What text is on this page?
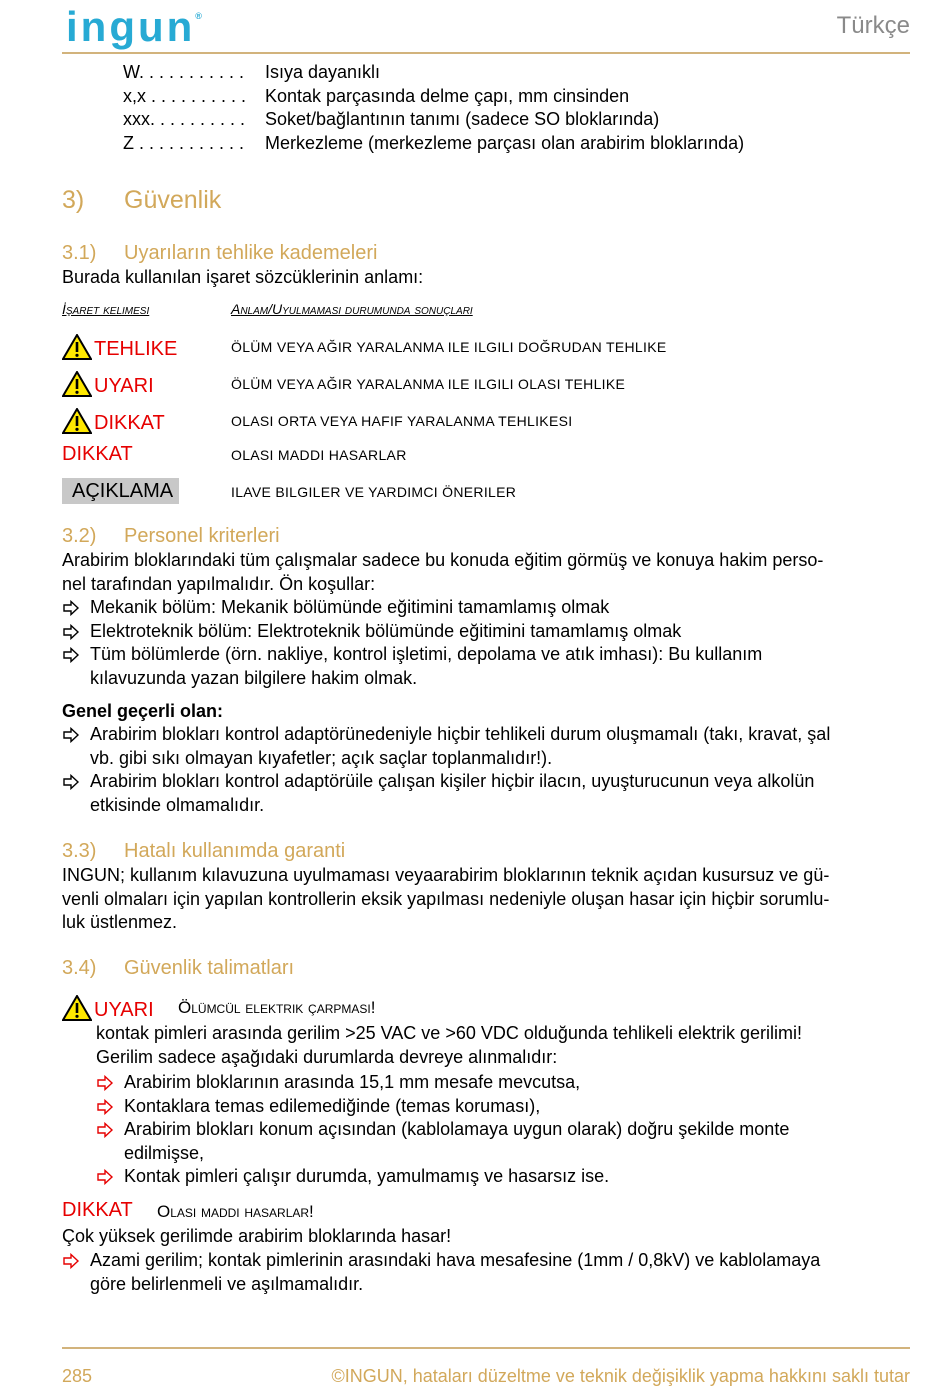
ingun®	Türkçe
W. . . . . . . . . . . Isıya dayanıklı
x,x . . . . . . . . . . Kontak parçasında delme çapı, mm cinsinden
xxx. . . . . . . . . . Soket/bağlantının tanımı (sadece SO bloklarında)
Z . . . . . . . . . . . Merkezleme (merkezleme parçası olan arabirim bloklarında)
3) Güvenlik
3.1) Uyarıların tehlike kademeleri
Burada kullanılan işaret sözcüklerinin anlamı:
İşaret kelimesi	Anlam/Uyulmaması durumunda sonuçları
TEHLIKE	ÖLÜM VEYA AĞIR YARALANMA ILE ILGILI DOĞRUDAN TEHLIKE
UYARI	ÖLÜM VEYA AĞIR YARALANMA ILE ILGILI OLASI TEHLIKE
DIKKAT	OLASI ORTA VEYA HAFIF YARALANMA TEHLIKESI
DIKKAT	OLASI MADDI HASARLAR
AÇIKLAMA	ILAVE BILGILER VE YARDIMCI ÖNERILER
3.2) Personel kriterleri
Arabirim bloklarındaki tüm çalışmalar sadece bu konuda eğitim görmüş ve konuya hakim perso-
nel tarafından yapılmalıdır. Ön koşullar:
Mekanik bölüm: Mekanik bölümünde eğitimini tamamlamış olmak
Elektroteknik bölüm: Elektroteknik bölümünde eğitimini tamamlamış olmak
Tüm bölümlerde (örn. nakliye, kontrol işletimi, depolama ve atık imhası): Bu kullanım
kılavuzunda yazan bilgilere hakim olmak.
Genel geçerli olan:
Arabirim blokları kontrol adaptörünedeniyle hiçbir tehlikeli durum oluşmamalı (takı, kravat, şal
vb. gibi sıkı olmayan kıyafetler; açık saçlar toplanmalıdır!).
Arabirim blokları kontrol adaptörüile çalışan kişiler hiçbir ilacın, uyuşturucunun veya alkolün
etkisinde olmamalıdır.
3.3) Hatalı kullanımda garanti
INGUN; kullanım kılavuzuna uyulmaması veyaarabirim bloklarının teknik açıdan kusursuz ve gü-
venli olmaları için yapılan kontrollerin eksik yapılması nedeniyle oluşan hasar için hiçbir sorumlu-
luk üstlenmez.
3.4) Güvenlik talimatları
UYARI Ölümcül elektrik çarpması!
kontak pimleri arasında gerilim >25 VAC ve >60 VDC olduğunda tehlikeli elektrik gerilimi!
Gerilim sadece aşağıdaki durumlarda devreye alınmalıdır:
Arabirim bloklarının arasında 15,1 mm mesafe mevcutsa,
Kontaklara temas edilemediğinde (temas koruması),
Arabirim blokları konum açısından (kablolamaya uygun olarak) doğru şekilde monte
edilmişse,
Kontak pimleri çalışır durumda, yamulmamış ve hasarsız ise.
DIKKAT Olası maddi hasarlar!
Çok yüksek gerilimde arabirim bloklarında hasar!
Azami gerilim; kontak pimlerinin arasındaki hava mesafesine (1mm / 0,8kV) ve kablolamaya
göre belirlenmeli ve aşılmamalıdır.
285	©INGUN, hataları düzeltme ve teknik değişiklik yapma hakkını saklı tutar
